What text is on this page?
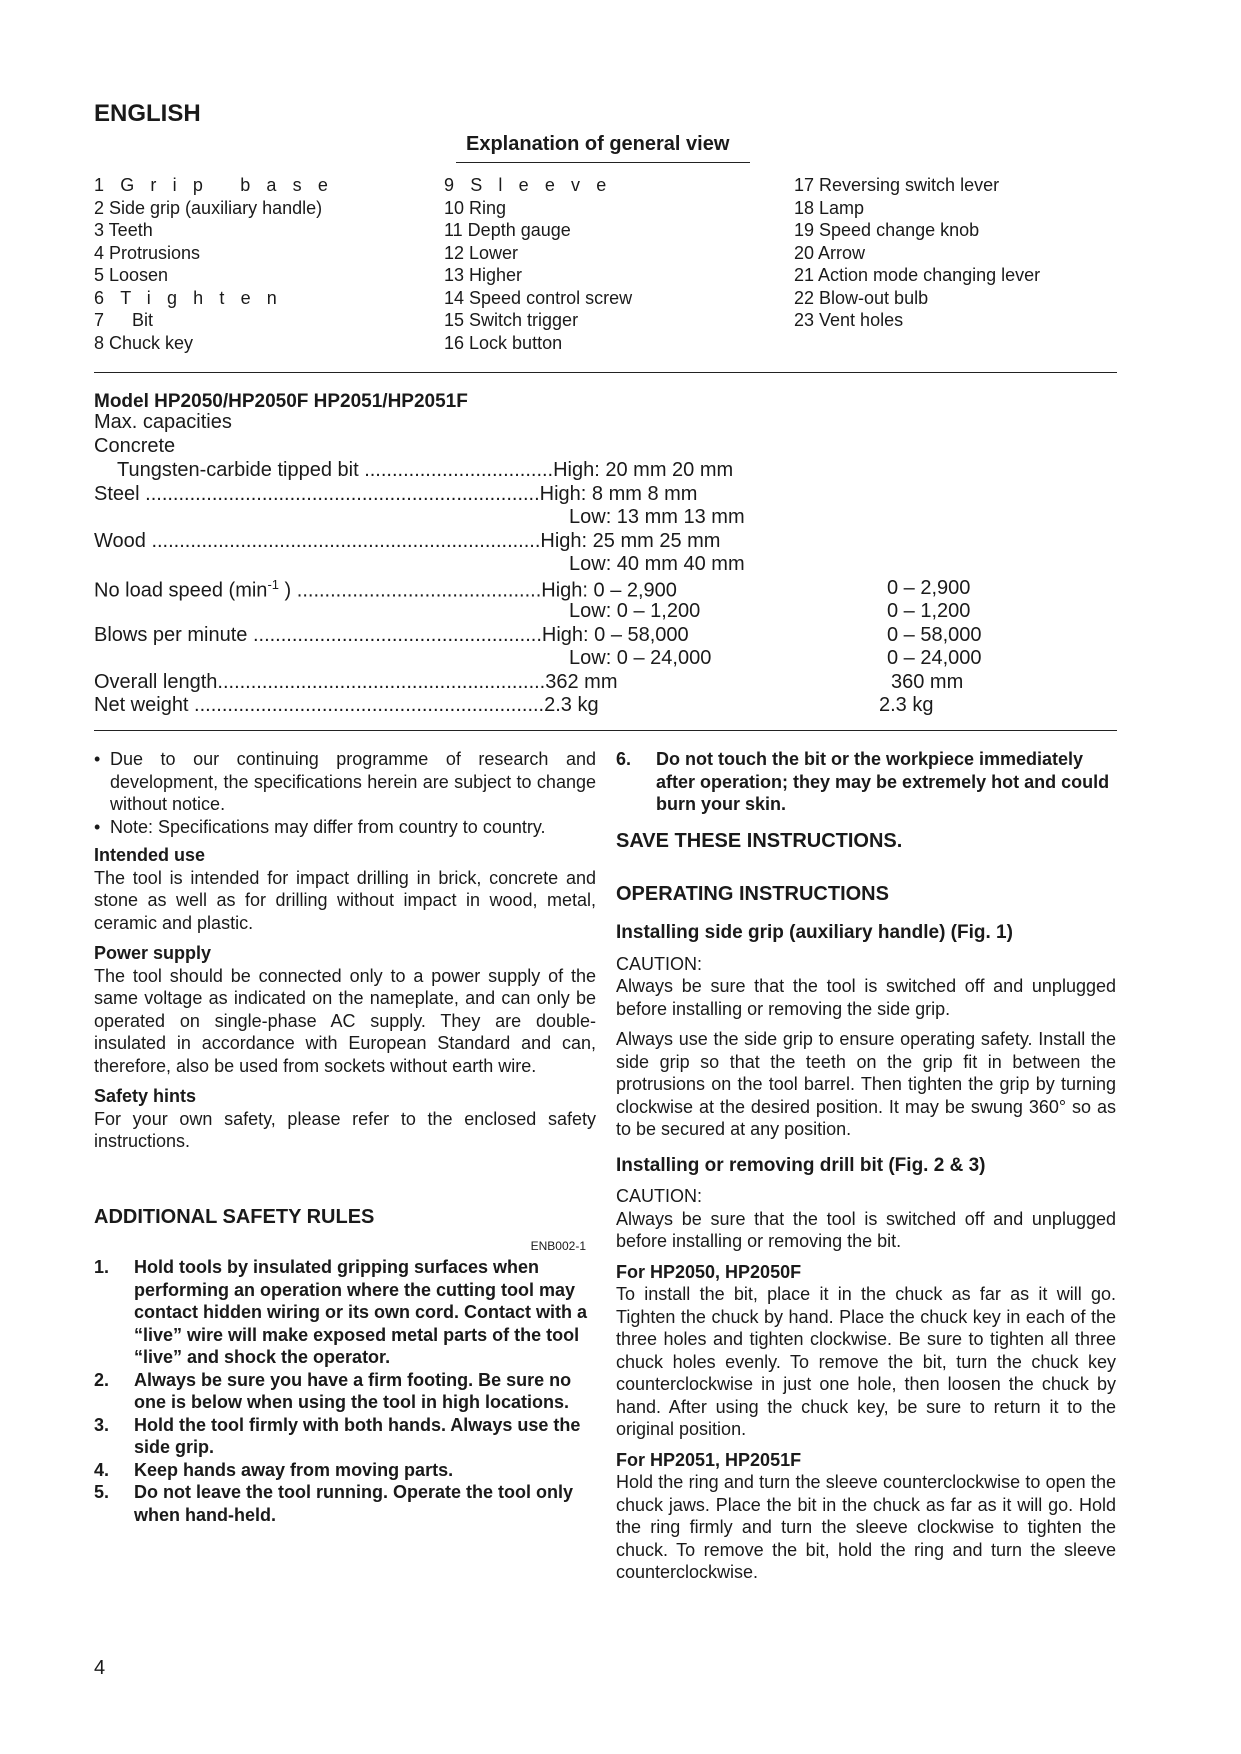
ENGLISH
Explanation of general view
1Grip base
2 Side grip (auxiliary handle)
3 Teeth
4 Protrusions
5 Loosen
6Tighten
7 Bit
8 Chuck key
9Sleeve
10 Ring
11 Depth gauge
12 Lower
13 Higher
14 Speed control screw
15 Switch trigger
16 Lock button
17 Reversing switch lever
18 Lamp
19 Speed change knob
20 Arrow
21 Action mode changing lever
22 Blow-out bulb
23 Vent holes
Model HP2050/HP2050F HP2051/HP2051F
Max. capacities
Concrete
Tungsten-carbide tipped bit ..................................High: 20 mm 20 mm
Steel .......................................................................High: 8 mm 8 mm
Low: 13 mm 13 mm
Wood ......................................................................High: 25 mm 25 mm
Low: 40 mm 40 mm
No load speed ($\min^{-1}$ ) ............................................High: 0 – 2,900	0 – 2,900
Low: 0 – 1,200	0 – 1,200
Blows per minute ....................................................High: 0 – 58,000	0 – 58,000
Low: 0 – 24,000	0 – 24,000
Overall length...........................................................362 mm	360 mm
Net weight ...............................................................2.3 kg	2.3 kg
• Due to our continuing programme of research and development, the specifications herein are subject to change without notice.
• Note: Specifications may differ from country to country.
Intended use

The tool is intended for impact drilling in brick, concrete and stone as well as for drilling without impact in wood, metal, ceramic and plastic.

Power supply

The tool should be connected only to a power supply of the same voltage as indicated on the nameplate, and can only be operated on single-phase AC supply. They are double-insulated in accordance with European Standard and can, therefore, also be used from sockets without earth wire.

Safety hints

For your own safety, please refer to the enclosed safety instructions.

ADDITIONAL SAFETY RULES
ENB002-1
1.	Hold tools by insulated gripping surfaces when performing an operation where the cutting tool may contact hidden wiring or its own cord. Contact with a “live” wire will make exposed metal parts of the tool “live” and shock the operator.
2.	Always be sure you have a firm footing. Be sure no one is below when using the tool in high locations.
3.	Hold the tool firmly with both hands. Always use the side grip.
4.	Keep hands away from moving parts.
5.	Do not leave the tool running. Operate the tool only when hand-held.
6.	Do not touch the bit or the workpiece immediately after operation; they may be extremely hot and could burn your skin.
SAVE THESE INSTRUCTIONS.
OPERATING INSTRUCTIONS
Installing side grip (auxiliary handle) (Fig. 1)
CAUTION:

Always be sure that the tool is switched off and unplugged before installing or removing the side grip.

Always use the side grip to ensure operating safety. Install the side grip so that the teeth on the grip fit in between the protrusions on the tool barrel. Then tighten the grip by turning clockwise at the desired position. It may be swung 360° so as to be secured at any position.

Installing or removing drill bit (Fig. 2 & 3)
CAUTION:

Always be sure that the tool is switched off and unplugged before installing or removing the bit.

For HP2050, HP2050F

To install the bit, place it in the chuck as far as it will go. Tighten the chuck by hand. Place the chuck key in each of the three holes and tighten clockwise. Be sure to tighten all three chuck holes evenly. To remove the bit, turn the chuck key counterclockwise in just one hole, then loosen the chuck by hand. After using the chuck key, be sure to return it to the original position.

For HP2051, HP2051F

Hold the ring and turn the sleeve counterclockwise to open the chuck jaws. Place the bit in the chuck as far as it will go. Hold the ring firmly and turn the sleeve clockwise to tighten the chuck. To remove the bit, hold the ring and turn the sleeve counterclockwise.

4
